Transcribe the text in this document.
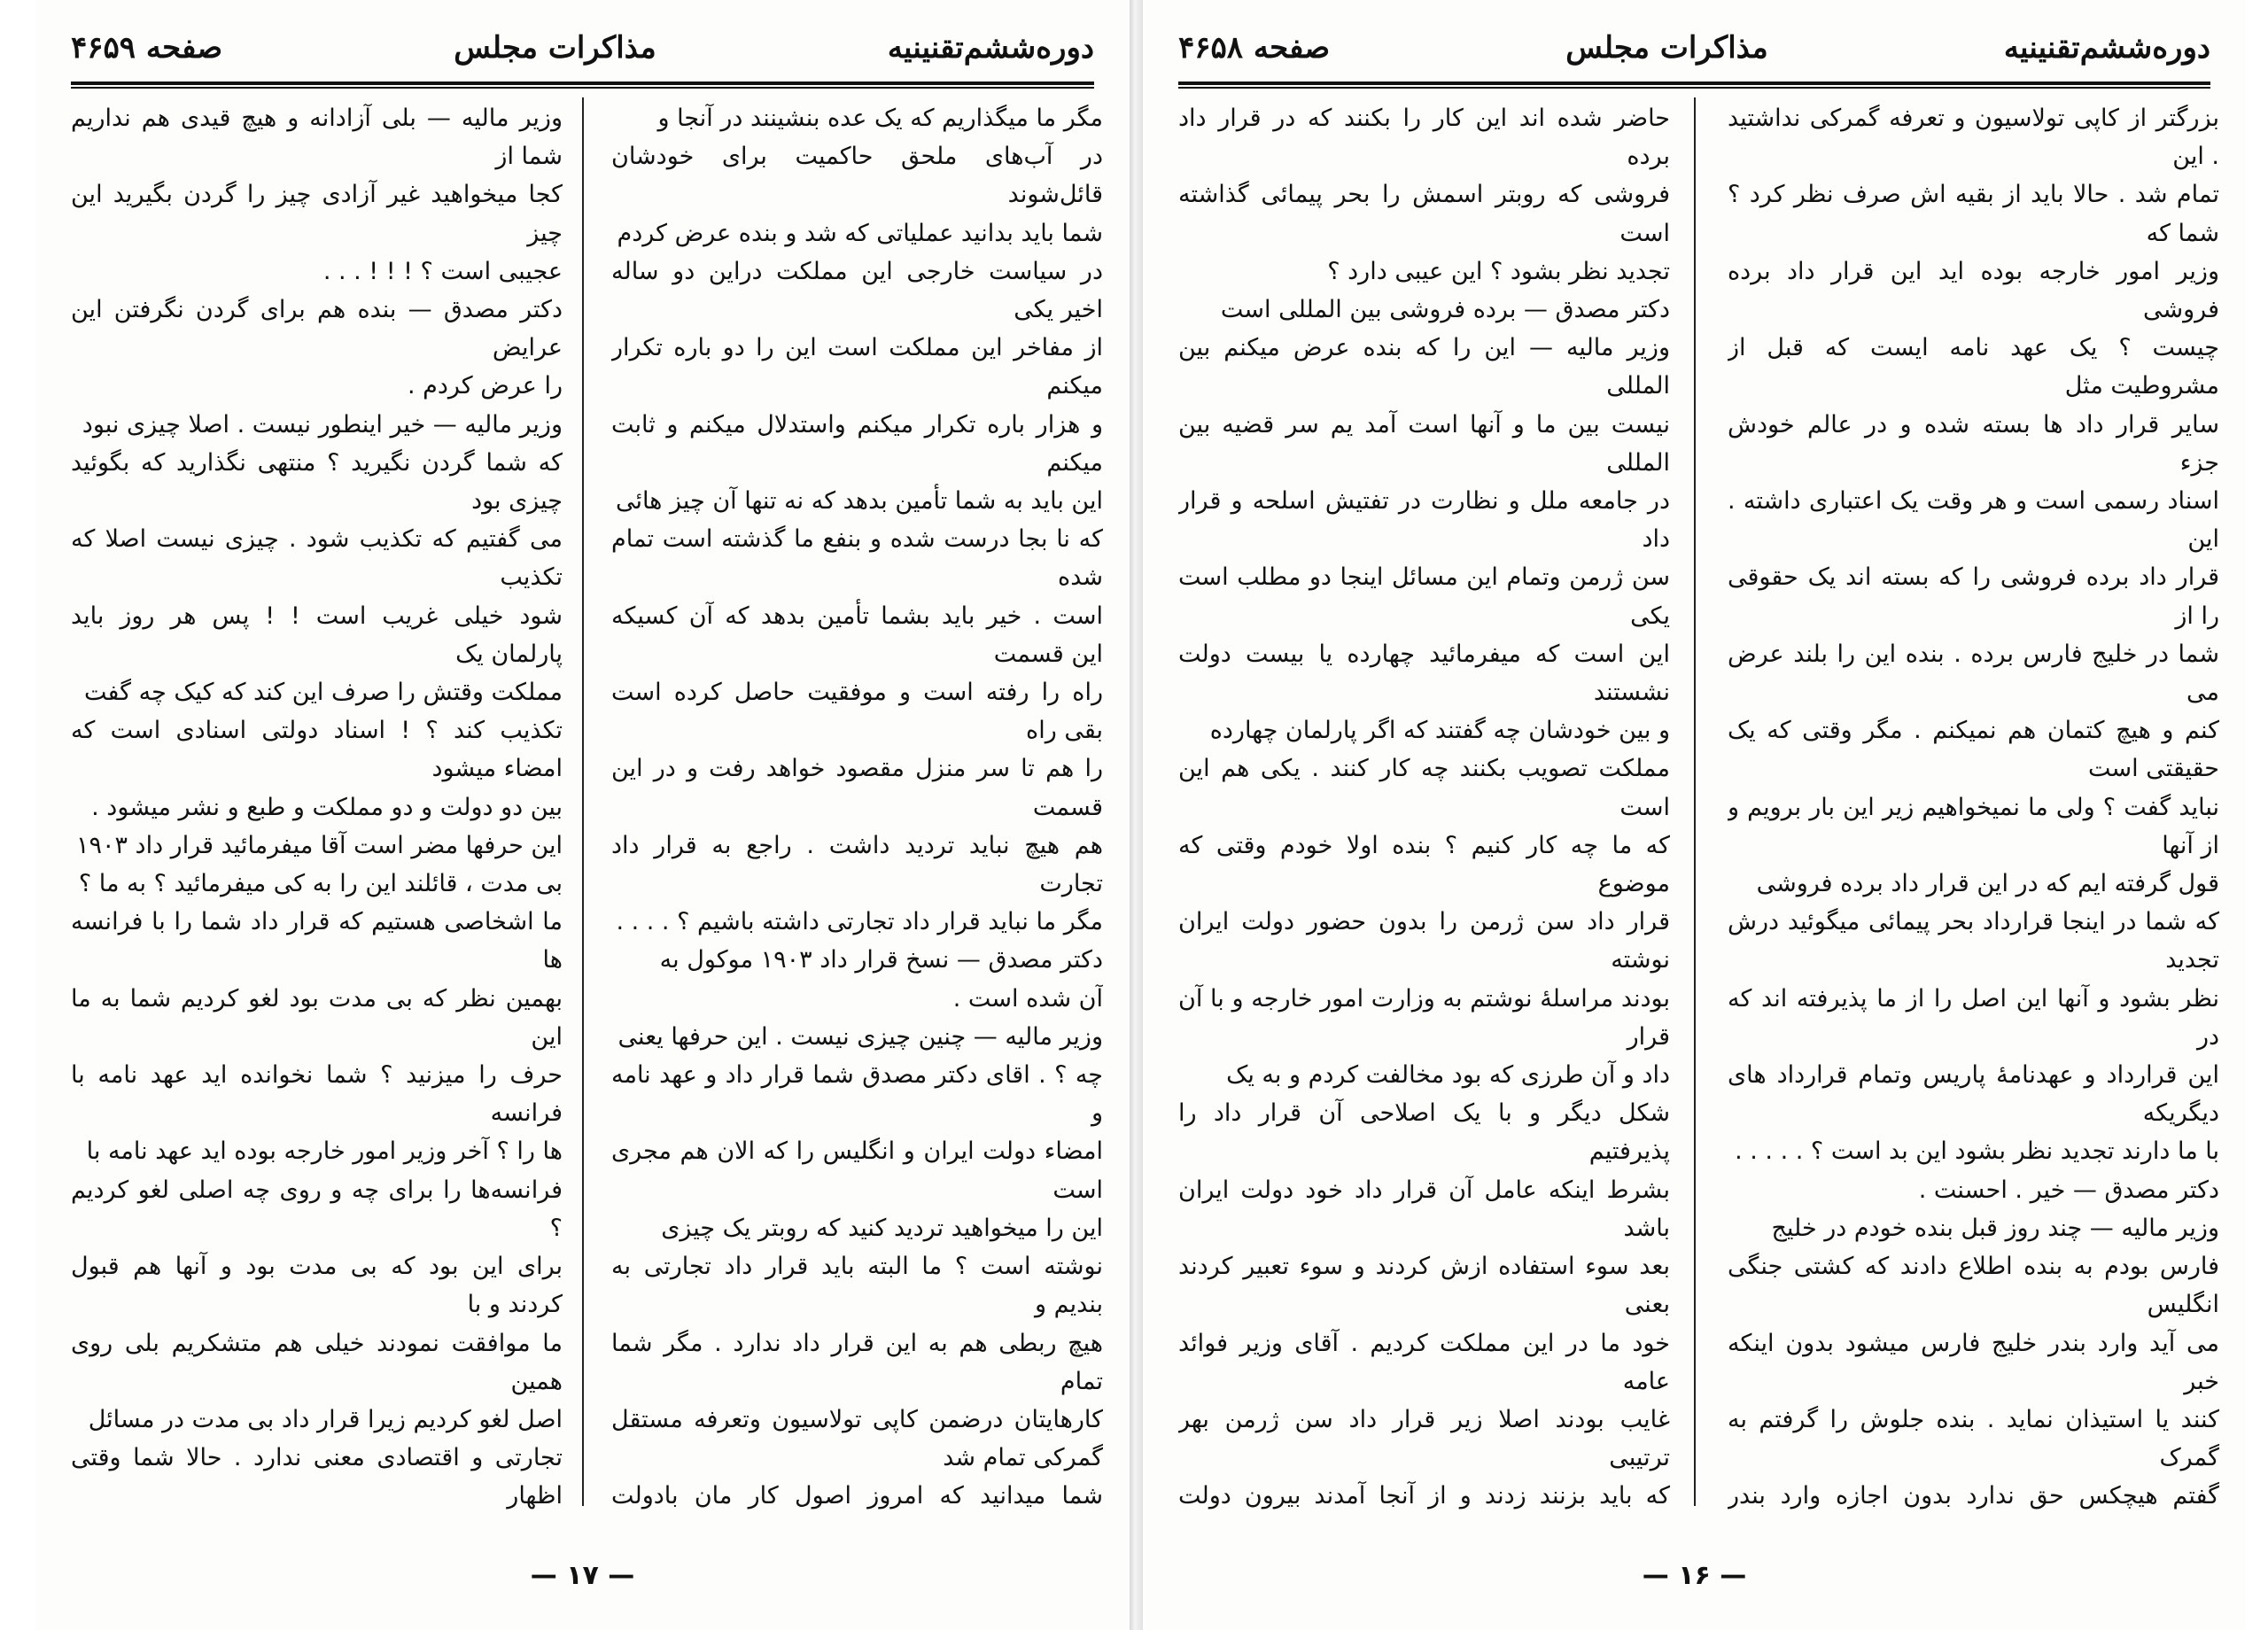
دوره‌ششم‌تقنینیه
مذاکرات مجلس
صفحه ۴۶۵۹

مگر ما میگذاریم که یک عده بنشینند در آنجا و

در آب‌های ملحق حاکمیت برای خودشان قائل‌شوند

شما باید بدانید عملیاتی که شد و بنده عرض کردم

در سیاست خارجی این مملکت دراین دو ساله اخیر یکی

از مفاخر این مملکت است این را دو باره تکرار میکنم

و هزار باره تکرار میکنم واستدلال میکنم و ثابت میکنم

این باید به شما تأمین بدهد که نه تنها آن چیز هائی

که نا بجا درست شده و بنفع ما گذشته است تمام شده

است . خیر باید بشما تأمین بدهد که آن کسیکه این قسمت

راه را رفته است و موفقیت حاصل کرده است بقی راه

را هم تا سر منزل مقصود خواهد رفت و در این قسمت

هم هیچ نباید تردید داشت . راجع به قرار داد تجارت

مگر ما نباید قرار داد تجارتی داشته باشیم ؟ . . . .

دکتر مصدق — نسخ قرار داد ۱۹۰۳ موکول به

آن شده است .

وزیر مالیه — چنین چیزی نیست . این حرفها یعنی

چه ؟ . اقای دکتر مصدق شما قرار داد و عهد نامه و

امضاء دولت ایران و انگلیس را که الان هم مجری است

این را میخواهید تردید کنید که روبتر یک چیزی

نوشته است ؟ ما البته باید قرار داد تجارتی به بندیم و

هیچ ربطی هم به این قرار داد ندارد . مگر شما تمام

کارهایتان درضمن کاپی تولاسیون وتعرفه مستقل گمرکی تمام شد

شما میدانید که امروز اصول کار مان بادولت

وزیر مالیه — بلی آزادانه و هیچ قیدی هم نداریم شما از

کجا میخواهید غیر آزادی چیز را گردن بگیرید این چیز

عجیبی است ؟ ! ! ! . . .

دکتر مصدق — بنده هم برای گردن نگرفتن این عرایض

را عرض کردم .

وزیر مالیه — خیر اینطور نیست . اصلا چیزی نبود

که شما گردن نگیرید ؟ منتهی نگذارید که بگوئید چیزی بود

می گفتیم که تکذیب شود . چیزی نیست اصلا که تکذیب

شود خیلی غریب است ! ! پس هر روز باید پارلمان یک

مملکت وقتش را صرف این کند که کیک چه گفت

تکذیب کند ؟ ! اسناد دولتی اسنادی است که امضاء میشود

بین دو دولت و دو مملکت و طبع و نشر میشود .

این حرفها مضر است آقا میفرمائید قرار داد ۱۹۰۳

بی مدت ، قائلند این را به کی میفرمائید ؟ به ما ؟

ما اشخاصی هستیم که قرار داد شما را با فرانسه ها

بهمین نظر که بی مدت بود لغو کردیم شما به ما این

حرف را میزنید ؟ شما نخوانده اید عهد نامه با فرانسه

ها را ؟ آخر وزیر امور خارجه بوده اید عهد نامه با

فرانسه‌ها را برای چه و روی چه اصلی لغو کردیم ؟

برای این بود که بی مدت بود و آنها هم قبول کردند و با

ما موافقت نمودند خیلی هم متشکریم بلی روی همین

اصل لغو کردیم زیرا قرار داد بی مدت در مسائل

تجارتی و اقتصادی معنی ندارد . حالا شما وقتی اظهار

— ۱۷ —
دوره‌ششم‌تقنینیه
مذاکرات مجلس
صفحه ۴۶۵۸

بزرگتر از کاپی تولاسیون و تعرفه گمرکی نداشتید . این

تمام شد . حالا باید از بقیه اش صرف نظر کرد ؟ شما که

وزیر امور خارجه بوده اید این قرار داد برده فروشی

چیست ؟ یک عهد نامه ایست که قبل از مشروطیت مثل

سایر قرار داد ها بسته شده و در عالم خودش جزء

اسناد رسمی است و هر وقت یک اعتباری داشته . این

قرار داد برده فروشی را که بسته اند یک حقوقی را از

شما در خلیج فارس برده . بنده این را بلند عرض می

کنم و هیچ کتمان هم نمیکنم . مگر وقتی که یک حقیقتی است

نباید گفت ؟ ولی ما نمیخواهیم زیر این بار برویم و از آنها

قول گرفته ایم که در این قرار داد برده فروشی

که شما در اینجا قرارداد بحر پیمائی میگوئید درش تجدید

نظر بشود و آنها این اصل را از ما پذیرفته اند که در

این قرارداد و عهدنامهٔ پاریس وتمام قرارداد های دیگریکه

با ما دارند تجدید نظر بشود این بد است ؟ . . . . .

دکتر مصدق — خیر . احسنت .

وزیر مالیه — چند روز قبل بنده خودم در خلیج

فارس بودم به بنده اطلاع دادند که کشتی جنگی انگلیس

می آید وارد بندر خلیج فارس میشود بدون اینکه خبر

کنند یا استیذان نماید . بنده جلوش را گرفتم به گمرک

گفتم هیچکس حق ندارد بدون اجازه وارد بندر

حاضر شده اند این کار را بکنند که در قرار داد برده

فروشی که روبتر اسمش را بحر پیمائی گذاشته است

تجدید نظر بشود ؟ این عیبی دارد ؟

دکتر مصدق — برده فروشی بین المللی است

وزیر مالیه — این را که بنده عرض میکنم بین المللی

نیست بین ما و آنها است آمد یم سر قضیه بین المللی

در جامعه ملل و نظارت در تفتیش اسلحه و قرار داد

سن ژرمن وتمام این مسائل اینجا دو مطلب است یکی

این است که میفرمائید چهارده یا بیست دولت نشستند

و بین خودشان چه گفتند که اگر پارلمان چهارده

مملکت تصویب بکنند چه کار کنند . یکی هم این است

که ما چه کار کنیم ؟ بنده اولا خودم وقتی که موضوع

قرار داد سن ژرمن را بدون حضور دولت ایران نوشته

بودند مراسله‌ٔ نوشتم به وزارت امور خارجه و با آن قرار

داد و آن طرزی که بود مخالفت کردم و به یک

شکل دیگر و با یک اصلاحی آن قرار داد را پذیرفتیم

بشرط اینکه عامل آن قرار داد خود دولت ایران باشد

بعد سوء استفاده ازش کردند و سوء تعبیر کردند بعنی

خود ما در این مملکت کردیم . آقای وزیر فوائد عامه

غایب بودند اصلا زیر قرار داد سن ژرمن بهر ترتیبی

که باید بزنند زدند و از آنجا آمدند بیرون دولت

— ۱۶ —
